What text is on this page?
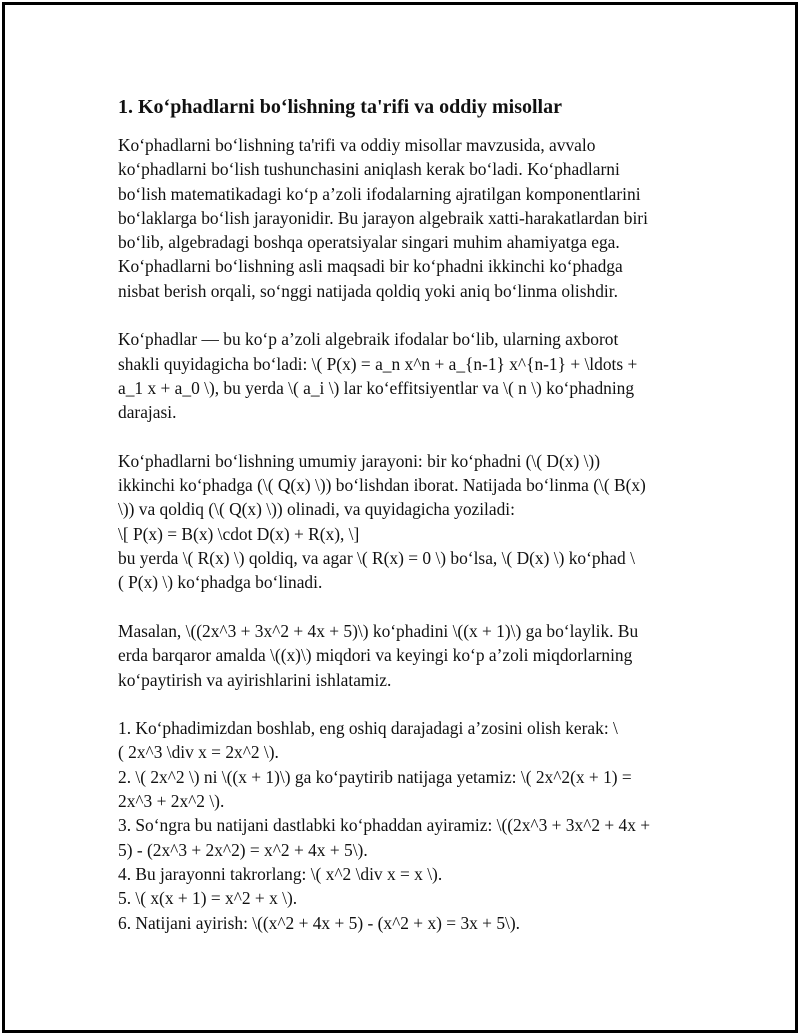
1. Ko‘phadlarni bo‘lishning ta'rifi va oddiy misollar

Ko‘phadlarni bo‘lishning ta'rifi va oddiy misollar mavzusida, avvalo
ko‘phadlarni bo‘lish tushunchasini aniqlash kerak bo‘ladi. Ko‘phadlarni
bo‘lish matematikadagi ko‘p a’zoli ifodalarning ajratilgan komponentlarini
bo‘laklarga bo‘lish jarayonidir. Bu jarayon algebraik xatti-harakatlardan biri
bo‘lib, algebradagi boshqa operatsiyalar singari muhim ahamiyatga ega.
Ko‘phadlarni bo‘lishning asli maqsadi bir ko‘phadni ikkinchi ko‘phadga
nisbat berish orqali, so‘nggi natijada qoldiq yoki aniq bo‘linma olishdir.

Ko‘phadlar — bu ko‘p a’zoli algebraik ifodalar bo‘lib, ularning axborot
shakli quyidagicha bo‘ladi: \( P(x) = a_n x^n + a_{n-1} x^{n-1} + \ldots +
a_1 x + a_0 \), bu yerda \( a_i \) lar ko‘effitsiyentlar va \( n \) ko‘phadning
darajasi.

Ko‘phadlarni bo‘lishning umumiy jarayoni: bir ko‘phadni (\( D(x) \))
ikkinchi ko‘phadga (\( Q(x) \)) bo‘lishdan iborat. Natijada bo‘linma (\( B(x)
\)) va qoldiq (\( Q(x) \)) olinadi, va quyidagicha yoziladi:
\[ P(x) = B(x) \cdot D(x) + R(x), \]
bu yerda \( R(x) \) qoldiq, va agar \( R(x) = 0 \) bo‘lsa, \( D(x) \) ko‘phad \
( P(x) \) ko‘phadga bo‘linadi.

Masalan, \((2x^3 + 3x^2 + 4x + 5)\) ko‘phadini \((x + 1)\) ga bo‘laylik. Bu
erda barqaror amalda \((x)\) miqdori va keyingi ko‘p a’zoli miqdorlarning
ko‘paytirish va ayirishlarini ishlatamiz.

1. Ko‘phadimizdan boshlab, eng oshiq darajadagi a’zosini olish kerak: \
( 2x^3 \div x = 2x^2 \).
2. \( 2x^2 \) ni \((x + 1)\) ga ko‘paytirib natijaga yetamiz: \( 2x^2(x + 1) =
2x^3 + 2x^2 \).
3. So‘ngra bu natijani dastlabki ko‘phaddan ayiramiz: \((2x^3 + 3x^2 + 4x +
5) - (2x^3 + 2x^2) = x^2 + 4x + 5\).
4. Bu jarayonni takrorlang: \( x^2 \div x = x \).
5. \( x(x + 1) = x^2 + x \).
6. Natijani ayirish: \((x^2 + 4x + 5) - (x^2 + x) = 3x + 5\).
